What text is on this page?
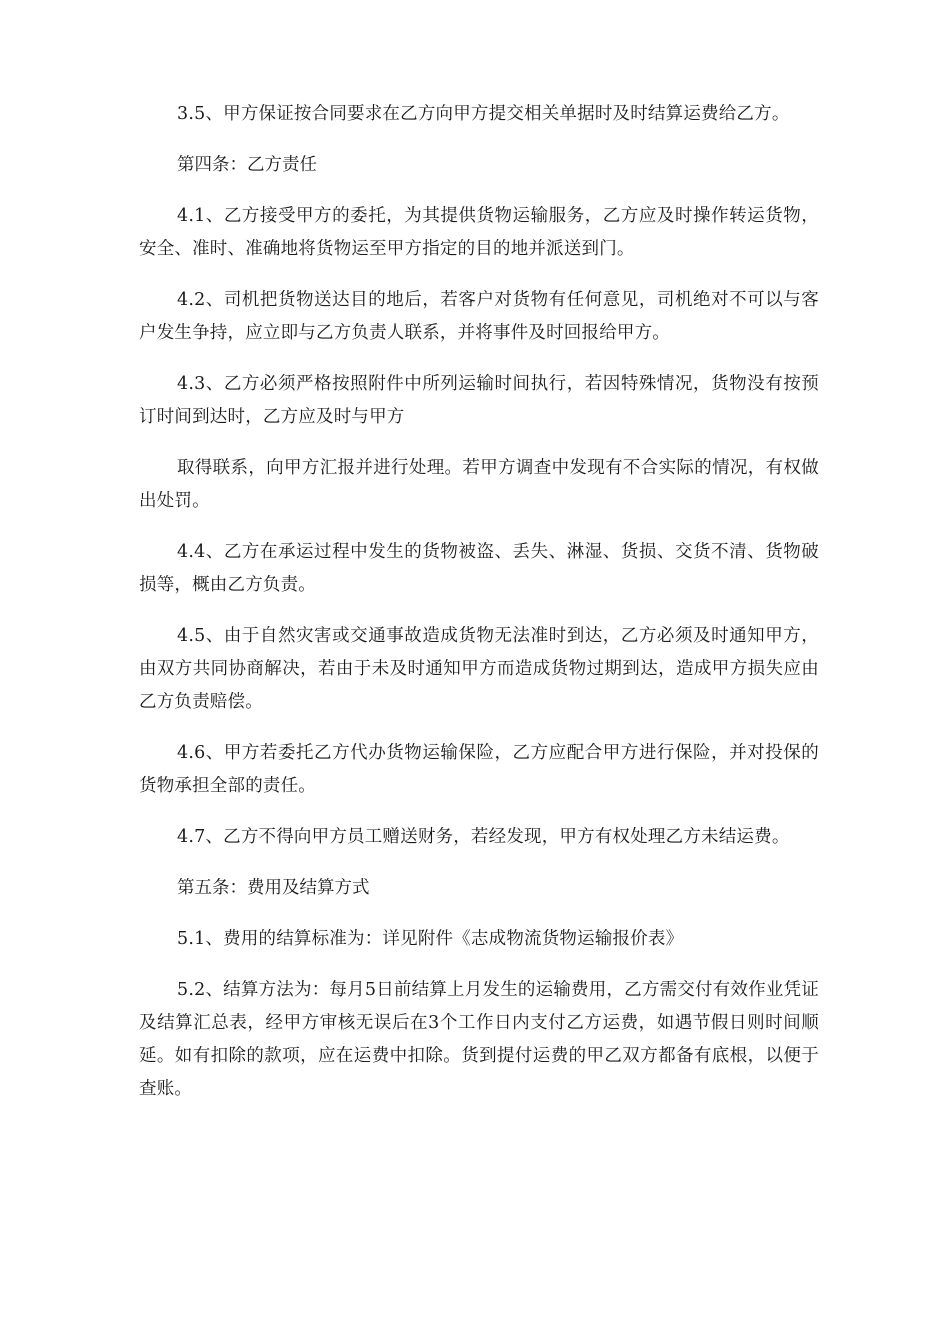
3.5、甲方保证按合同要求在乙方向甲方提交相关单据时及时结算运费给乙方。

第四条：乙方责任

4.1、乙方接受甲方的委托，为其提供货物运输服务，乙方应及时操作转运货物，安全、准时、准确地将货物运至甲方指定的目的地并派送到门。

4.2、司机把货物送达目的地后，若客户对货物有任何意见，司机绝对不可以与客户发生争持，应立即与乙方负责人联系，并将事件及时回报给甲方。

4.3、乙方必须严格按照附件中所列运输时间执行，若因特殊情况，货物没有按预订时间到达时，乙方应及时与甲方

取得联系，向甲方汇报并进行处理。若甲方调查中发现有不合实际的情况，有权做出处罚。

4.4、乙方在承运过程中发生的货物被盗、丢失、淋湿、货损、交货不清、货物破损等，概由乙方负责。

4.5、由于自然灾害或交通事故造成货物无法准时到达，乙方必须及时通知甲方，由双方共同协商解决，若由于未及时通知甲方而造成货物过期到达，造成甲方损失应由乙方负责赔偿。

4.6、甲方若委托乙方代办货物运输保险，乙方应配合甲方进行保险，并对投保的货物承担全部的责任。

4.7、乙方不得向甲方员工赠送财务，若经发现，甲方有权处理乙方未结运费。

第五条：费用及结算方式

5.1、费用的结算标准为：详见附件《志成物流货物运输报价表》

5.2、结算方法为：每月5日前结算上月发生的运输费用，乙方需交付有效作业凭证及结算汇总表，经甲方审核无误后在3个工作日内支付乙方运费，如遇节假日则时间顺延。如有扣除的款项，应在运费中扣除。货到提付运费的甲乙双方都备有底根，以便于查账。
